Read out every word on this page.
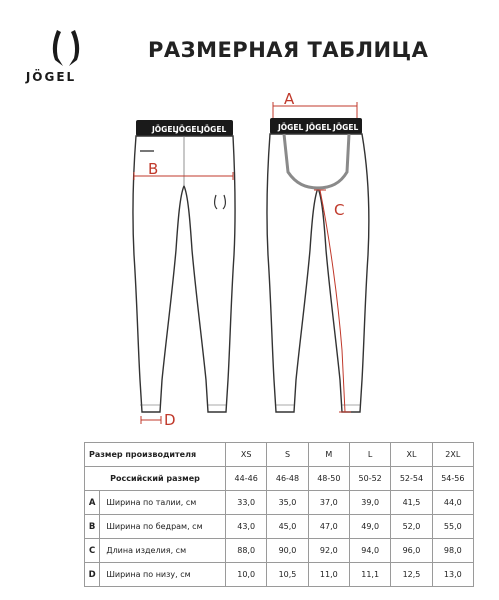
JÖGEL
РАЗМЕРНАЯ ТАБЛИЦА
JÖGEL
JÖGEL JÖGEL
B
D
A
JÖGEL JÖGEL JÖGEL
C
Размер производителя		XS	S	M	L	XL	2XL
Российский размер		44-46	46-48	48-50	50-52	52-54	54-56
A	Ширина по талии, см	33,0	35,0	37,0	39,0	41,5	44,0
B	Ширина по бедрам, см	43,0	45,0	47,0	49,0	52,0	55,0
C	Длина изделия, см	88,0	90,0	92,0	94,0	96,0	98,0
D	Ширина по низу, см	10,0	10,5	11,0	11,1	12,5	13,0
